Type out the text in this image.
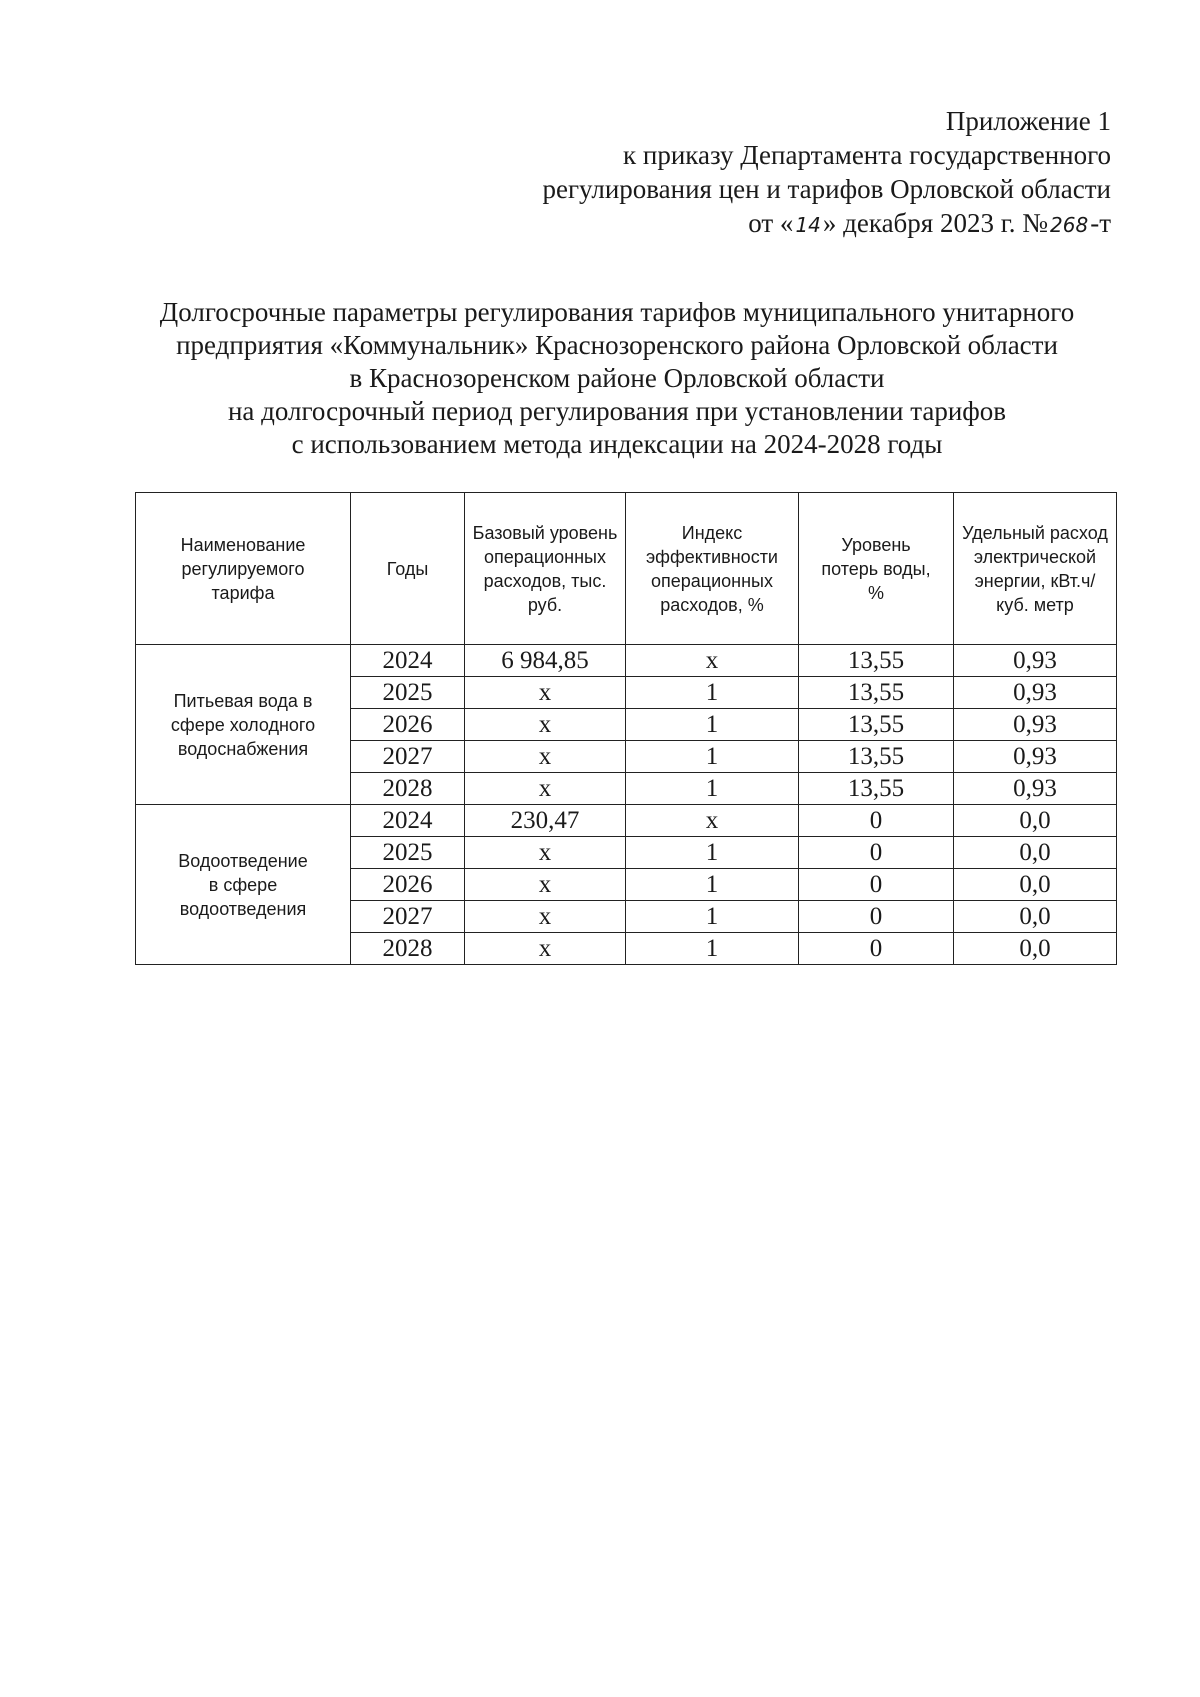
Приложение 1
к приказу Департамента государственного
регулирования цен и тарифов Орловской области
от « 14» декабря 2023 г. № 268-т
Долгосрочные параметры регулирования тарифов муниципального унитарного
предприятия «Коммунальник» Краснозоренского района Орловской области
в Краснозоренском районе Орловской области
на долгосрочный период регулирования при установлении тарифов
с использованием метода индексации на 2024-2028 годы
Наименование регулируемого тарифа	Годы	Базовый уровень операционных расходов, тыс. руб.	Индекс эффективности операционных расходов, %	Уровень потерь воды, %	Удельный расход электрической энергии, кВт.ч/куб. метр

Питьевая вода в сфере холодного водоснабжения	2024	6 984,85	х	13,55	0,93
	2025	х	1	13,55	0,93
	2026	х	1	13,55	0,93
	2027	х	1	13,55	0,93
	2028	х	1	13,55	0,93
Водоотведение в сфере водоотведения	2024	230,47	х	0	0,0
	2025	х	1	0	0,0
	2026	х	1	0	0,0
	2027	х	1	0	0,0
	2028	х	1	0	0,0
